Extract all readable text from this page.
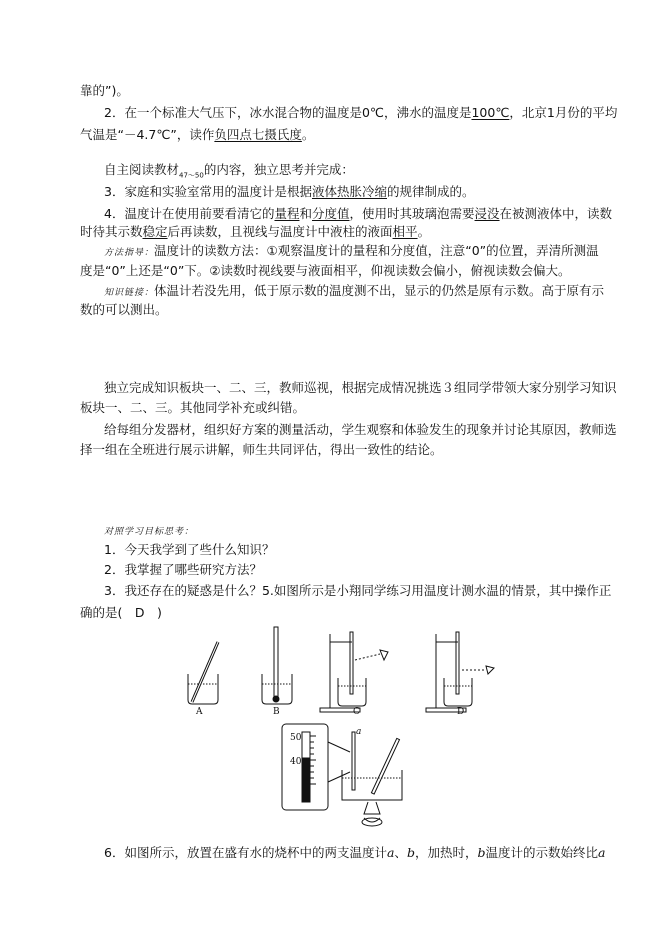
靠的”)。
2．在一个标准大气压下，冰水混合物的温度是0℃，沸水的温度是100℃，北京1月份的平均
气温是“－4.7℃”，读作负四点七摄氏度。
自主阅读教材$_{47\sim 50}$的内容，独立思考并完成：
3．家庭和实验室常用的温度计是根据液体热胀冷缩的规律制成的。
4．温度计在使用前要看清它的量程和分度值，使用时其玻璃泡需要浸没在被测液体中，读数
时待其示数稳定后再读数，且视线与温度计中液柱的液面相平。
方法指导：温度计的读数方法：①观察温度计的量程和分度值，注意“0”的位置，弄清所测温
度是“0”上还是“0”下。②读数时视线要与液面相平，仰视读数会偏小，俯视读数会偏大。
知识链接：体温计若没先用，低于原示数的温度测不出，显示的仍然是原有示数。高于原有示
数的可以测出。
独立完成知识板块一、二、三，教师巡视，根据完成情况挑选３组同学带领大家分别学习知识
板块一、二、三。其他同学补充或纠错。
给每组分发器材，组织好方案的测量活动，学生观察和体验发生的现象并讨论其原因，教师选
择一组在全班进行展示讲解，师生共同评估，得出一致性的结论。
对照学习目标思考：
1．今天我学到了些什么知识？
2．我掌握了哪些研究方法？
3．我还存在的疑惑是什么？5.如图所示是小翔同学练习用温度计测水温的情景，其中操作正
确的是(　D　)
A	B	C	D
50
40
a
6．如图所示，放置在盛有水的烧杯中的两支温度计a、b，加热时，b温度计的示数始终比a
